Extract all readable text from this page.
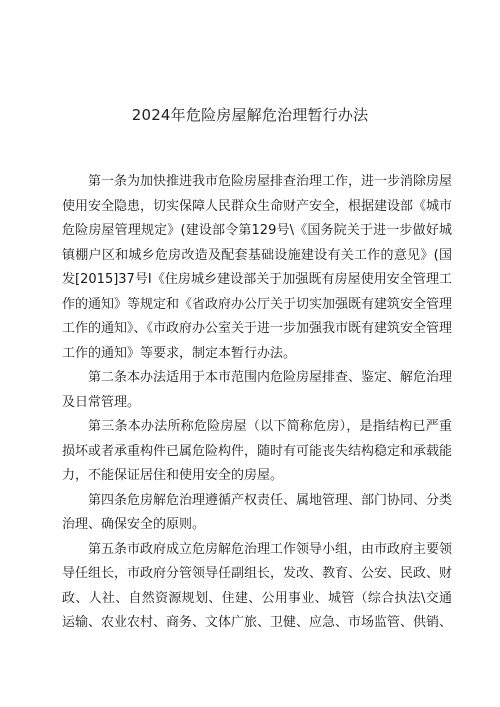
2024年危险房屋解危治理暂行办法

第一条为加快推进我市危险房屋排查治理工作，进一步消除房屋使用安全隐患，切实保障人民群众生命财产安全，根据建设部《城市危险房屋管理规定》(建设部令第129号\《国务院关于进一步做好城镇棚户区和城乡危房改造及配套基础设施建设有关工作的意见》(国发[2015]37号I《住房城乡建设部关于加强既有房屋使用安全管理工作的通知》等规定和《省政府办公厅关于切实加强既有建筑安全管理工作的通知》、《市政府办公室关于进一步加强我市既有建筑安全管理工作的通知》等要求，制定本暂行办法。

第二条本办法适用于本市范围内危险房屋排查、鉴定、解危治理及日常管理。

第三条本办法所称危险房屋（以下简称危房），是指结构已严重损坏或者承重构件已属危险构件，随时有可能丧失结构稳定和承载能力，不能保证居住和使用安全的房屋。

第四条危房解危治理遵循产权责任、属地管理、部门协同、分类治理、确保安全的原则。

第五条市政府成立危房解危治理工作领导小组，由市政府主要领导任组长，市政府分管领导任副组长，发改、教育、公安、民政、财政、人社、自然资源规划、住建、公用事业、城管（综合执法\交通运输、农业农村、商务、文体广旅、卫健、应急、市场监管、供销、
